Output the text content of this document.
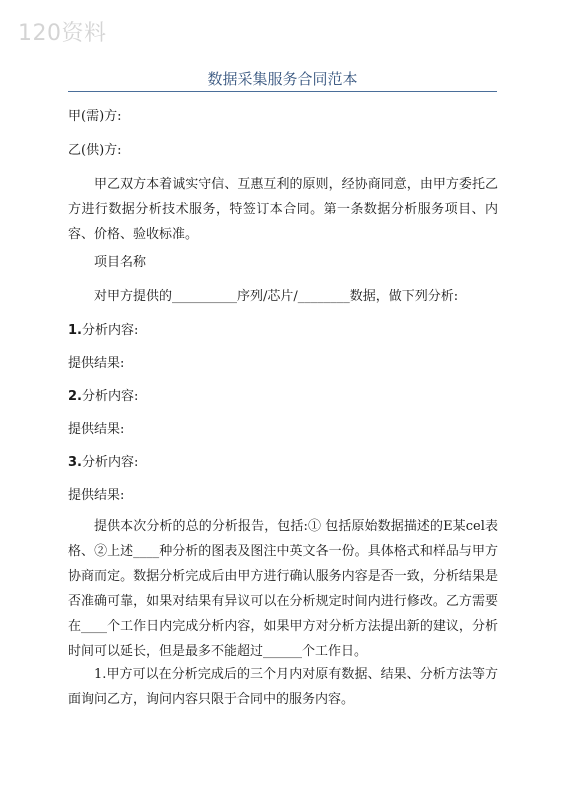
120资料
数据采集服务合同范本

甲(需)方:

乙(供)方:

甲乙双方本着诚实守信、互惠互利的原则，经协商同意，由甲方委托乙方进行数据分析技术服务，特签订本合同。第一条数据分析服务项目、内容、价格、验收标准。

项目名称

对甲方提供的__________序列/芯片/________数据，做下列分析:

1.分析内容:

提供结果:

2.分析内容:

提供结果:

3.分析内容:

提供结果:

提供本次分析的总的分析报告，包括:① 包括原始数据描述的E某cel表格、②上述____种分析的图表及图注中英文各一份。具体格式和样品与甲方协商而定。数据分析完成后由甲方进行确认服务内容是否一致，分析结果是否准确可靠，如果对结果有异议可以在分析规定时间内进行修改。乙方需要在____个工作日内完成分析内容，如果甲方对分析方法提出新的建议，分析时间可以延长，但是最多不能超过______个工作日。

1.甲方可以在分析完成后的三个月内对原有数据、结果、分析方法等方面询问乙方，询问内容只限于合同中的服务内容。
